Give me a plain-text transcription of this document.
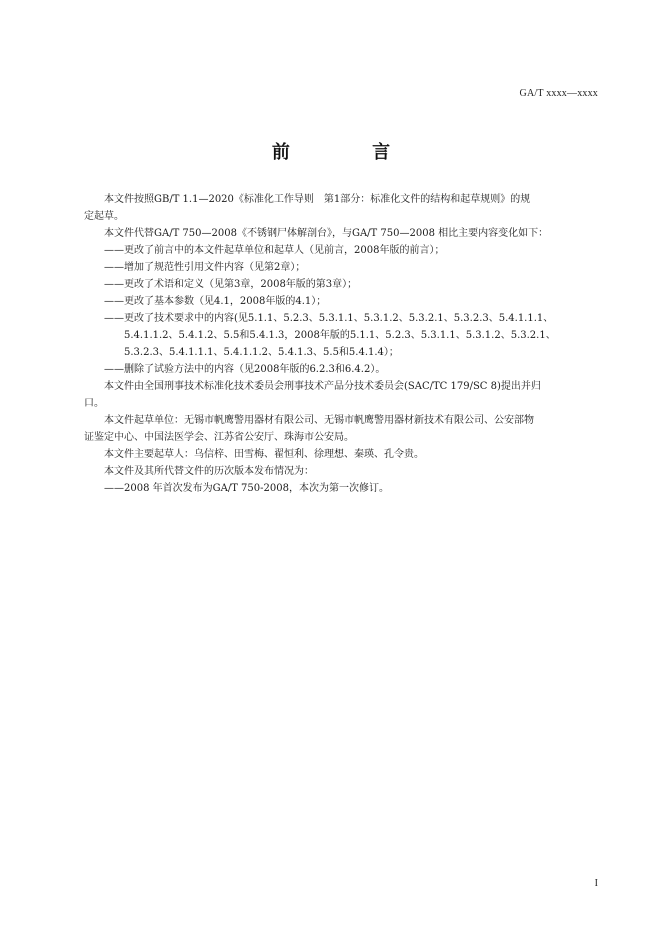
GA/T xxxx—xxxx
前 言

本文件按照GB/T 1.1—2020《标准化工作导则　第1部分：标准化文件的结构和起草规则》的规

定起草。

本文件代替GA/T 750—2008《不锈钢尸体解剖台》，与GA/T 750—2008 相比主要内容变化如下：

——更改了前言中的本文件起草单位和起草人（见前言，2008年版的前言）；

——增加了规范性引用文件内容（见第2章）；

——更改了术语和定义（见第3章，2008年版的第3章）；

——更改了基本参数（见4.1，2008年版的4.1）；

——更改了技术要求中的内容(见5.1.1、5.2.3、5.3.1.1、5.3.1.2、5.3.2.1、5.3.2.3、5.4.1.1.1、

5.4.1.1.2、5.4.1.2、5.5和5.4.1.3，2008年版的5.1.1、5.2.3、5.3.1.1、5.3.1.2、5.3.2.1、

5.3.2.3、5.4.1.1.1、5.4.1.1.2、5.4.1.3、5.5和5.4.1.4）；

——删除了试验方法中的内容（见2008年版的6.2.3和6.4.2）。

本文件由全国刑事技术标准化技术委员会刑事技术产品分技术委员会(SAC/TC 179/SC 8)提出并归

口。

本文件起草单位：无锡市帆鹰警用器材有限公司、无锡市帆鹰警用器材新技术有限公司、公安部物

证鉴定中心、中国法医学会、江苏省公安厅、珠海市公安局。

本文件主要起草人：乌信梓、田雪梅、翟恒利、徐理想、秦瑛、孔令贵。

本文件及其所代替文件的历次版本发布情况为：

——2008 年首次发布为GA/T 750-2008，本次为第一次修订。

I
